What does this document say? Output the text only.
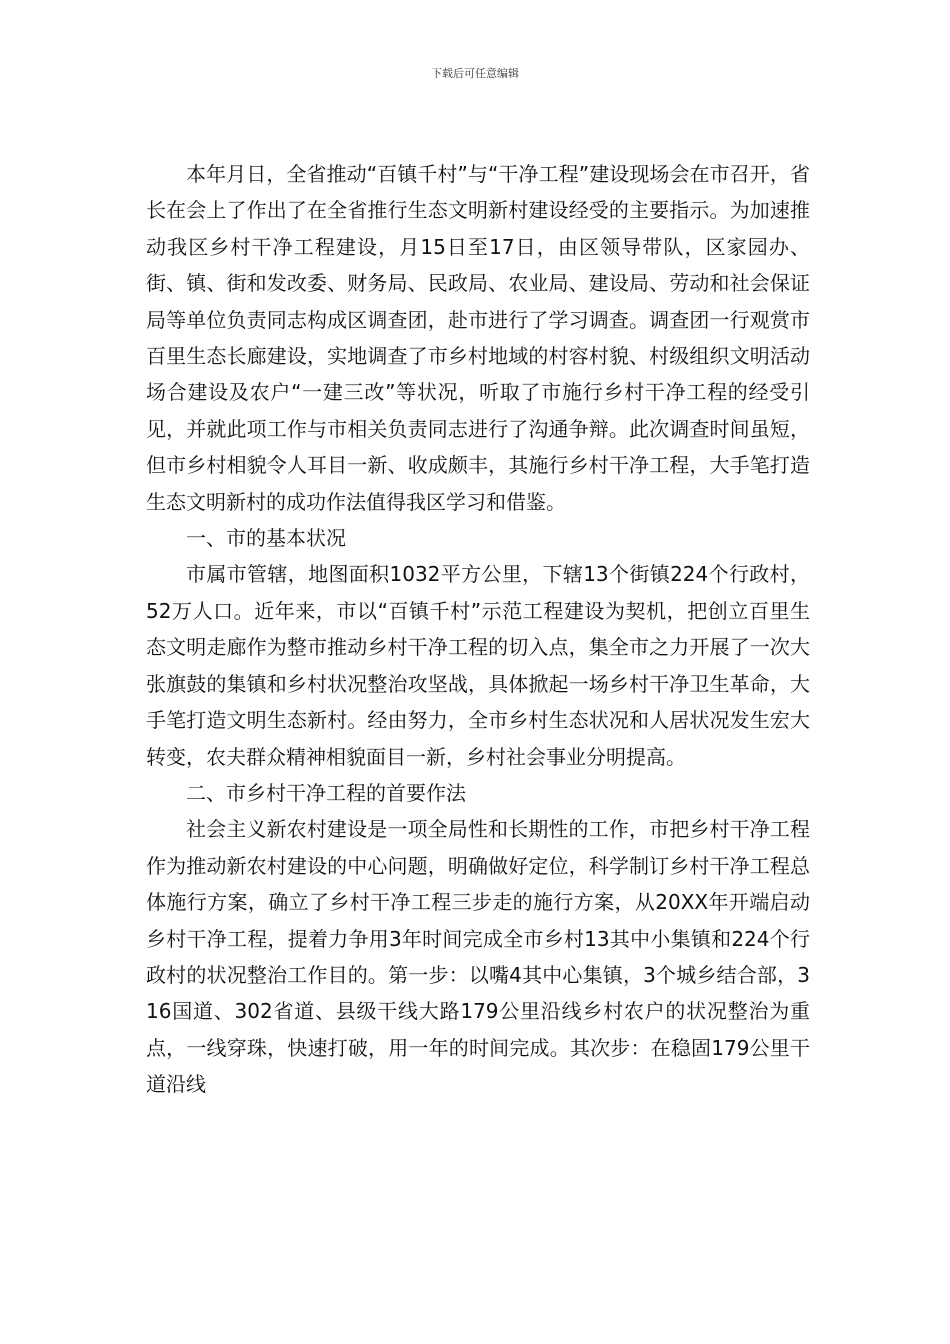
下载后可任意编辑

本年月日，全省推动“百镇千村”与“干净工程”建设现场会在市召开，省长在会上了作出了在全省推行生态文明新村建设经受的主要指示。为加速推动我区乡村干净工程建设，月15日至17日，由区领导带队，区家园办、街、镇、街和发改委、财务局、民政局、农业局、建设局、劳动和社会保证局等单位负责同志构成区调查团，赴市进行了学习调查。调查团一行观赏市百里生态长廊建设，实地调查了市乡村地域的村容村貌、村级组织文明活动场合建设及农户“一建三改”等状况，听取了市施行乡村干净工程的经受引见，并就此项工作与市相关负责同志进行了沟通争辩。此次调查时间虽短，但市乡村相貌令人耳目一新、收成颇丰，其施行乡村干净工程，大手笔打造生态文明新村的成功作法值得我区学习和借鉴。

一、市的基本状况

市属市管辖，地图面积1032平方公里，下辖13个街镇224个行政村，52万人口。近年来，市以“百镇千村”示范工程建设为契机，把创立百里生态文明走廊作为整市推动乡村干净工程的切入点，集全市之力开展了一次大张旗鼓的集镇和乡村状况整治攻坚战，具体掀起一场乡村干净卫生革命，大手笔打造文明生态新村。经由努力，全市乡村生态状况和人居状况发生宏大转变，农夫群众精神相貌面目一新，乡村社会事业分明提高。

二、市乡村干净工程的首要作法

社会主义新农村建设是一项全局性和长期性的工作，市把乡村干净工程作为推动新农村建设的中心问题，明确做好定位，科学制订乡村干净工程总体施行方案，确立了乡村干净工程三步走的施行方案，从20XX年开端启动乡村干净工程，提着力争用3年时间完成全市乡村13其中小集镇和224个行政村的状况整治工作目的。第一步：以嘴4其中心集镇，3个城乡结合部，316国道、302省道、县级干线大路179公里沿线乡村农户的状况整治为重点，一线穿珠，快速打破，用一年的时间完成。其次步：在稳固179公里干道沿线
